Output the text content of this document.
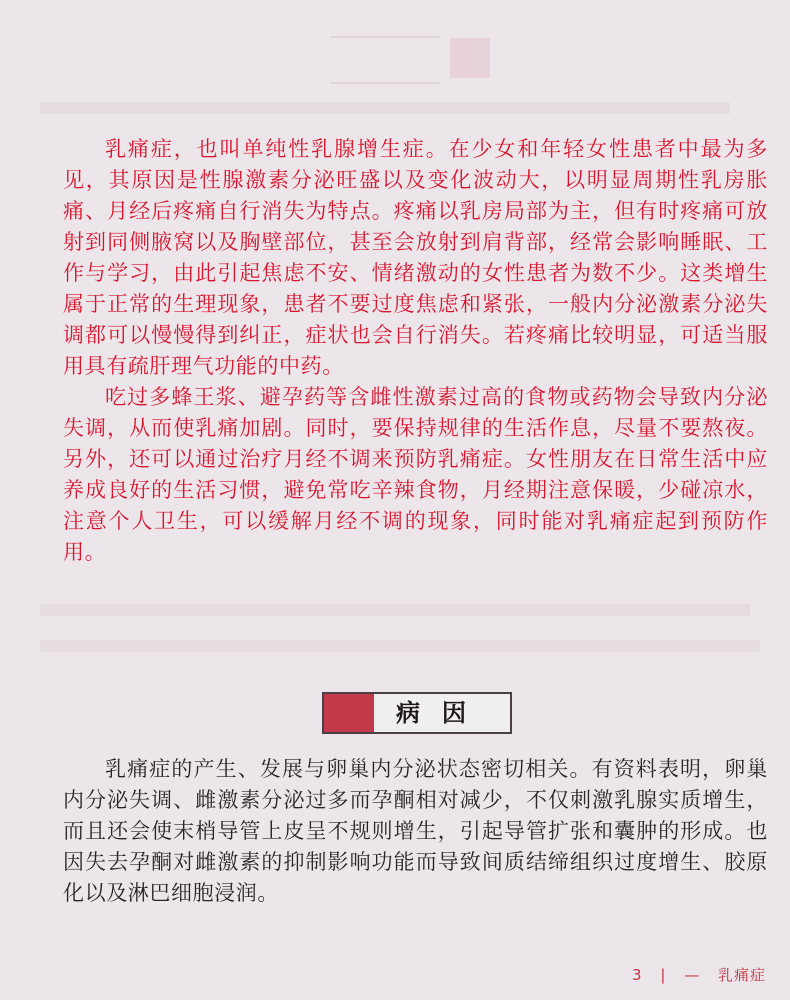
乳痛症，也叫单纯性乳腺增生症。在少女和年轻女性患者中最为多见，其原因是性腺激素分泌旺盛以及变化波动大，以明显周期性乳房胀痛、月经后疼痛自行消失为特点。疼痛以乳房局部为主，但有时疼痛可放射到同侧腋窝以及胸壁部位，甚至会放射到肩背部，经常会影响睡眠、工作与学习，由此引起焦虑不安、情绪激动的女性患者为数不少。这类增生属于正常的生理现象，患者不要过度焦虑和紧张，一般内分泌激素分泌失调都可以慢慢得到纠正，症状也会自行消失。若疼痛比较明显，可适当服用具有疏肝理气功能的中药。

吃过多蜂王浆、避孕药等含雌性激素过高的食物或药物会导致内分泌失调，从而使乳痛加剧。同时，要保持规律的生活作息，尽量不要熬夜。另外，还可以通过治疗月经不调来预防乳痛症。女性朋友在日常生活中应养成良好的生活习惯，避免常吃辛辣食物，月经期注意保暖，少碰凉水，注意个人卫生，可以缓解月经不调的现象，同时能对乳痛症起到预防作用。

病因

乳痛症的产生、发展与卵巢内分泌状态密切相关。有资料表明，卵巢内分泌失调、雌激素分泌过多而孕酮相对减少，不仅刺激乳腺实质增生，而且还会使末梢导管上皮呈不规则增生，引起导管扩张和囊肿的形成。也因失去孕酮对雌激素的抑制影响功能而导致间质结缔组织过度增生、胶原化以及淋巴细胞浸润。

3 | — 乳痛症
